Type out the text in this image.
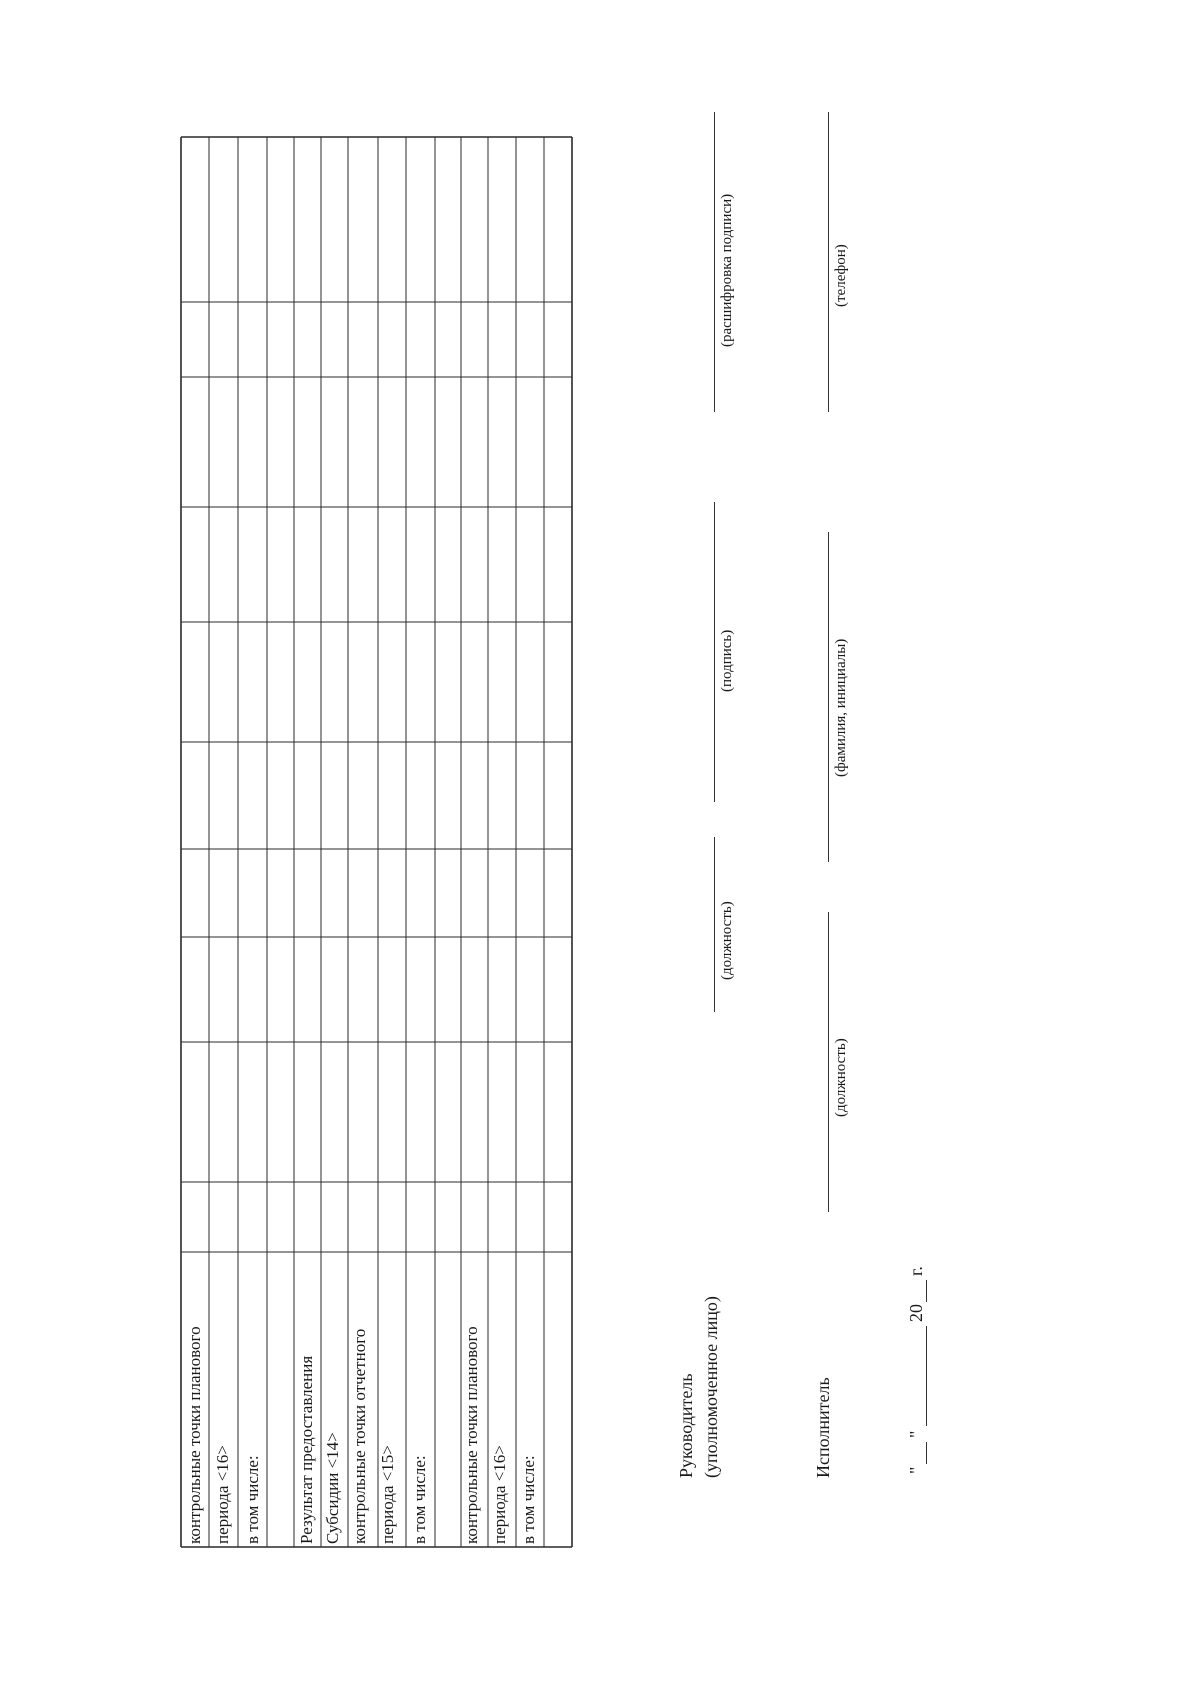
контрольные точки планового периода <16> в том числе: Результат предоставления Субсидии <14> контрольные точки отчетного периода <15> в том числе: контрольные точки планового периода <16> в том числе:
Руководитель (уполномоченное лицо)
(должность)
(подпись)
(расшифровка подписи)
Исполнитель
(должность)
(фамилия, инициалы)
(телефон)
"
"
20
г.
